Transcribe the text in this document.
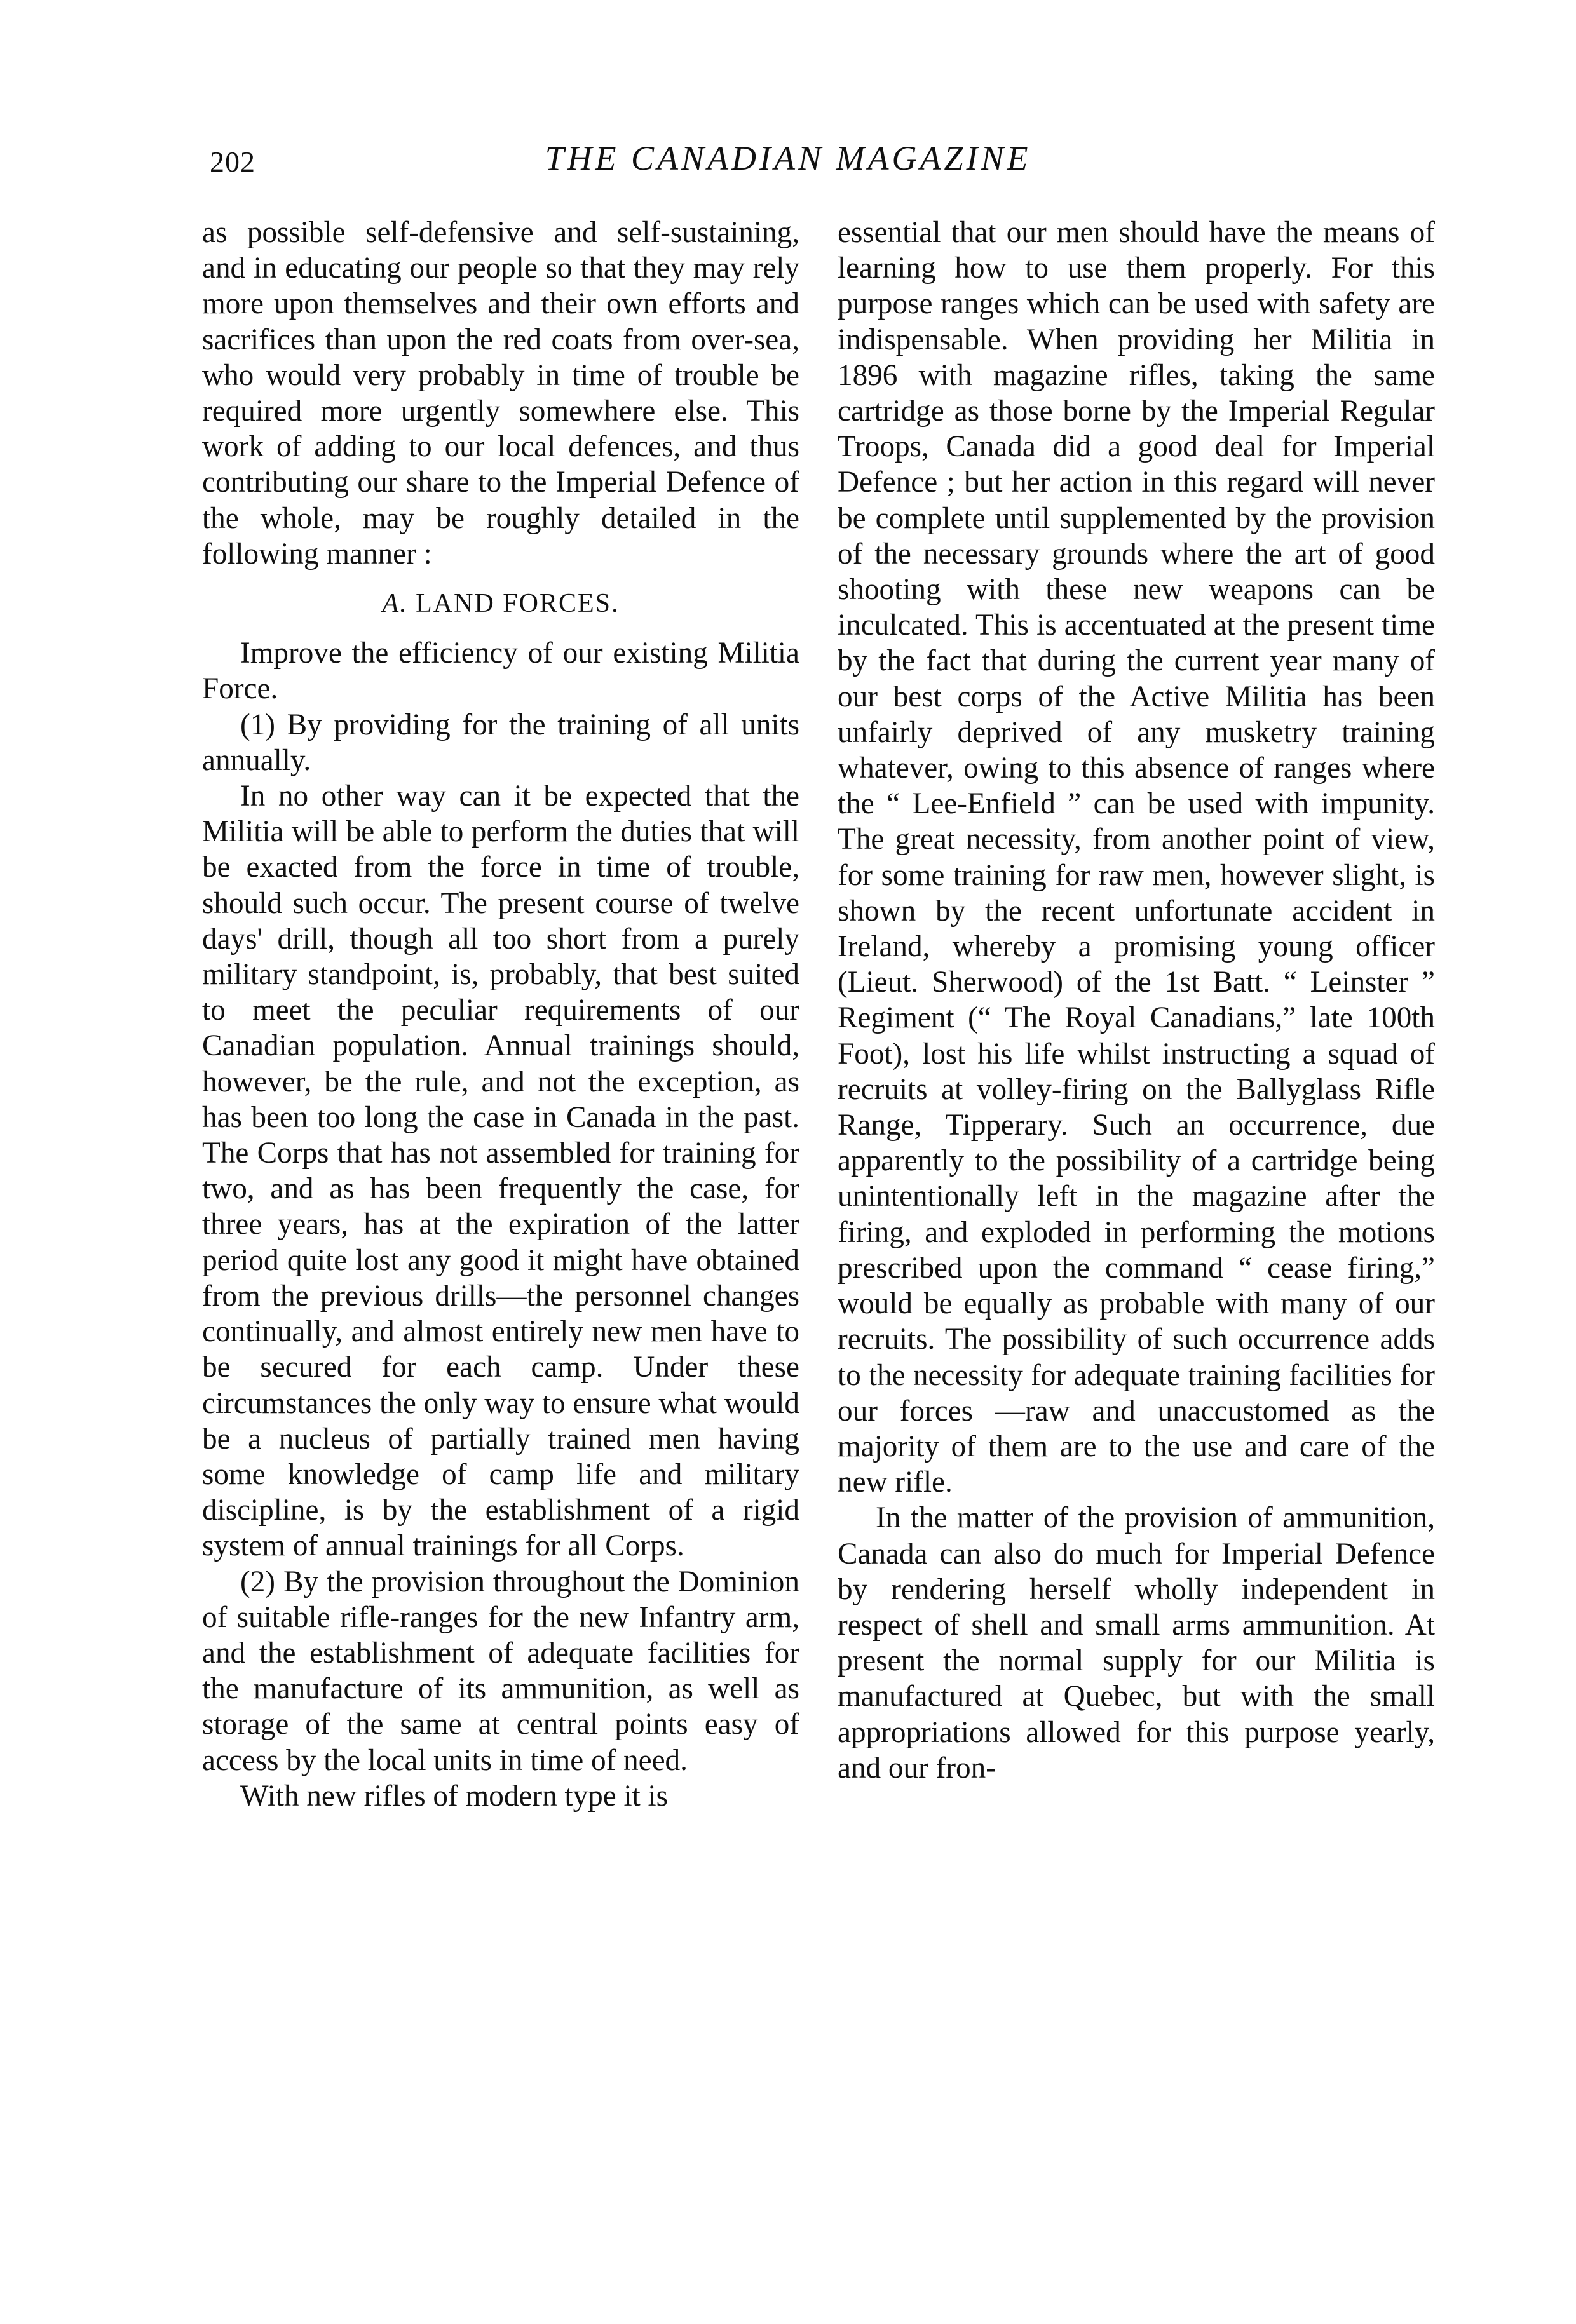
202	THE CANADIAN MAGAZINE

as possible self-defensive and self-sustaining, and in educating our people so that they may rely more upon themselves and their own efforts and sacrifices than upon the red coats from over-sea, who would very probably in time of trouble be required more urgently somewhere else. This work of adding to our local defences, and thus contributing our share to the Imperial Defence of the whole, may be roughly detailed in the following manner :

A. LAND FORCES.

Improve the efficiency of our existing Militia Force.

(1) By providing for the training of all units annually.

In no other way can it be expected that the Militia will be able to perform the duties that will be exacted from the force in time of trouble, should such occur. The present course of twelve days' drill, though all too short from a purely military standpoint, is, probably, that best suited to meet the peculiar requirements of our Canadian population. Annual trainings should, however, be the rule, and not the exception, as has been too long the case in Canada in the past. The Corps that has not assembled for training for two, and as has been frequently the case, for three years, has at the expiration of the latter period quite lost any good it might have obtained from the previous drills—the personnel changes continually, and almost entirely new men have to be secured for each camp. Under these circumstances the only way to ensure what would be a nucleus of partially trained men having some knowledge of camp life and military discipline, is by the establishment of a rigid system of annual trainings for all Corps.

(2) By the provision throughout the Dominion of suitable rifle-ranges for the new Infantry arm, and the establishment of adequate facilities for the manufacture of its ammunition, as well as storage of the same at central points easy of access by the local units in time of need.

With new rifles of modern type it is

essential that our men should have the means of learning how to use them properly. For this purpose ranges which can be used with safety are indispensable. When providing her Militia in 1896 with magazine rifles, taking the same cartridge as those borne by the Imperial Regular Troops, Canada did a good deal for Imperial Defence ; but her action in this regard will never be complete until supplemented by the provision of the necessary grounds where the art of good shooting with these new weapons can be inculcated. This is accentuated at the present time by the fact that during the current year many of our best corps of the Active Militia has been unfairly deprived of any musketry training whatever, owing to this absence of ranges where the “ Lee-Enfield ” can be used with impunity. The great necessity, from another point of view, for some training for raw men, however slight, is shown by the recent unfortunate accident in Ireland, whereby a promising young officer (Lieut. Sherwood) of the 1st Batt. “ Leinster ” Regiment (“ The Royal Canadians,” late 100th Foot), lost his life whilst instructing a squad of recruits at volley-firing on the Ballyglass Rifle Range, Tipperary. Such an occurrence, due apparently to the possibility of a cartridge being unintentionally left in the magazine after the firing, and exploded in performing the motions prescribed upon the command “ cease firing,” would be equally as probable with many of our recruits. The possibility of such occurrence adds to the necessity for adequate training facilities for our forces —raw and unaccustomed as the majority of them are to the use and care of the new rifle.

In the matter of the provision of ammunition, Canada can also do much for Imperial Defence by rendering herself wholly independent in respect of shell and small arms ammunition. At present the normal supply for our Militia is manufactured at Quebec, but with the small appropriations allowed for this purpose yearly, and our fron-
